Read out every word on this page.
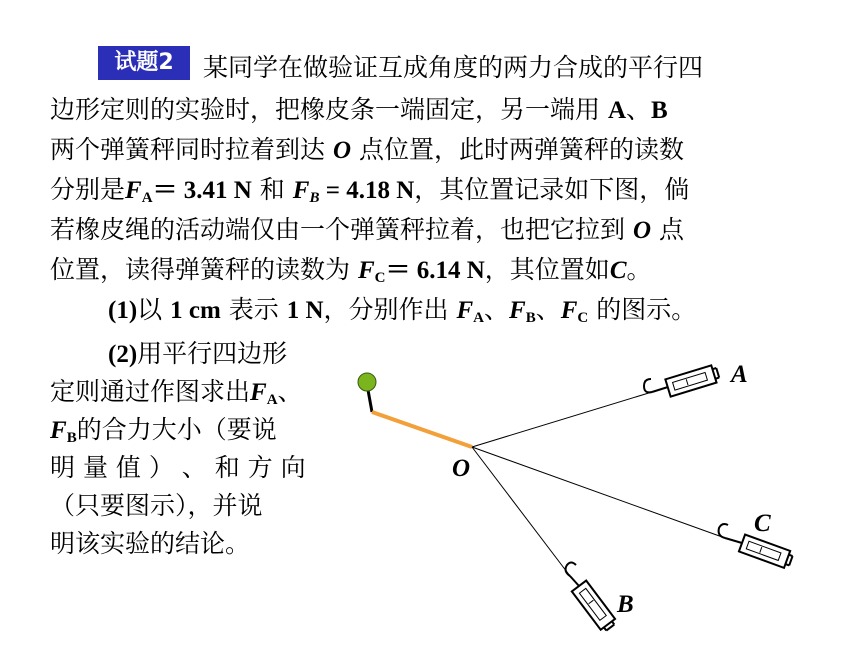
试题2	某同学在做验证互成角度的两力合成的平行四
边形定则的实验时，把橡皮条一端固定，另一端用 A、B
两个弹簧秤同时拉着到达 O 点位置，此时两弹簧秤的读数
分别是$F_A= 3.41$ N 和 $F_B = 4.18$ N，其位置记录如下图，倘
若橡皮绳的活动端仅由一个弹簧秤拉着，也把它拉到 O 点
位置，读得弹簧秤的读数为 $F_C= 6.14$ N，其位置如C。
(1)以 1 cm 表示 1 N，分别作出 $F_A$、$F_B$、$F_C$ 的图示。
(2)用平行四边形
定则通过作图求出$F_A$、
$F_B$的合力大小（要说
明 量 值 ） 、 和 方 向
（只要图示），并说
明该实验的结论。
O
A
C
B
